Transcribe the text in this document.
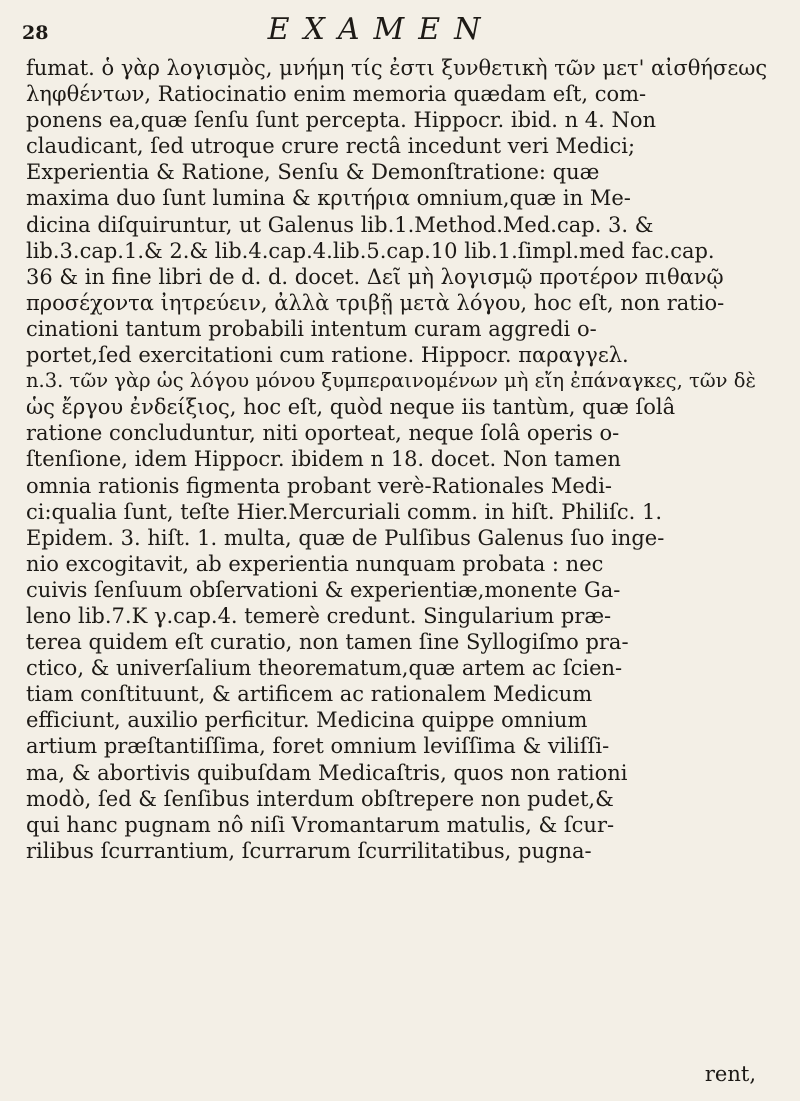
28	EXAMEN
fumat. ὁ γὰρ λογισμὸς, μνήμη τίς ἐστι ξυνθετικὴ τῶν μετ' αἰσθήσεως
ληφθέντων, Ratiocinatio enim memoria quædam eſt, com-
ponens ea,quæ ſenſu ſunt percepta. Hippocr. ibid. n 4. Non
claudicant, ſed utroque crure rectâ incedunt veri Medici;
Experientia & Ratione, Senſu & Demonſtratione: quæ
maxima duo ſunt lumina & κριτήρια omnium,quæ in Me-
dicina diſquiruntur, ut Galenus lib.1.Method.Med.cap. 3. &
lib.3.cap.1.& 2.& lib.4.cap.4.lib.5.cap.10 lib.1.ſimpl.med fac.cap.
36 & in fine libri de d. d. docet. Δεῖ μὴ λογισμῷ προτέρον πιθανῷ
προσέχοντα ἰητρεύειν, ἀλλὰ τριβῇ μετὰ λόγου, hoc eſt, non ratio-
cinationi tantum probabili intentum curam aggredi o-
portet,ſed exercitationi cum ratione. Hippocr. παραγγελ.
n.3. τῶν γὰρ ὡς λόγου μόνου ξυμπεραινομένων μὴ εἴη ἐπάναγκες, τῶν δὲ
ὡς ἔργου ἐνδείξιος, hoc eſt, quòd neque iis tantùm, quæ ſolâ
ratione concluduntur, niti oporteat, neque ſolâ operis o-
ſtenſione, idem Hippocr. ibidem n 18. docet. Non tamen
omnia rationis figmenta probant verè-Rationales Medi-
ci:qualia ſunt, teſte Hier.Mercuriali comm. in hiſt. Philiſc. 1.
Epidem. 3. hiſt. 1. multa, quæ de Pulſibus Galenus ſuo inge-
nio excogitavit, ab experientia nunquam probata : nec
cuivis ſenſuum obſervationi & experientiæ,monente Ga-
leno lib.7.K γ.cap.4. temerè credunt. Singularium præ-
terea quidem eſt curatio, non tamen ſine Syllogiſmo pra-
ctico, & univerſalium theorematum,quæ artem ac ſcien-
tiam conſtituunt, & artificem ac rationalem Medicum
efficiunt, auxilio perficitur. Medicina quippe omnium
artium præſtantiſſima, foret omnium leviſſima & viliſſi-
ma, & abortivis quibuſdam Medicaſtris, quos non rationi
modò, ſed & ſenſibus interdum obſtrepere non pudet,&
qui hanc pugnam nô niſi Vromantarum matulis, & ſcur-
rilibus ſcurrantium, ſcurrarum ſcurrilitatibus, pugna-
rent,
